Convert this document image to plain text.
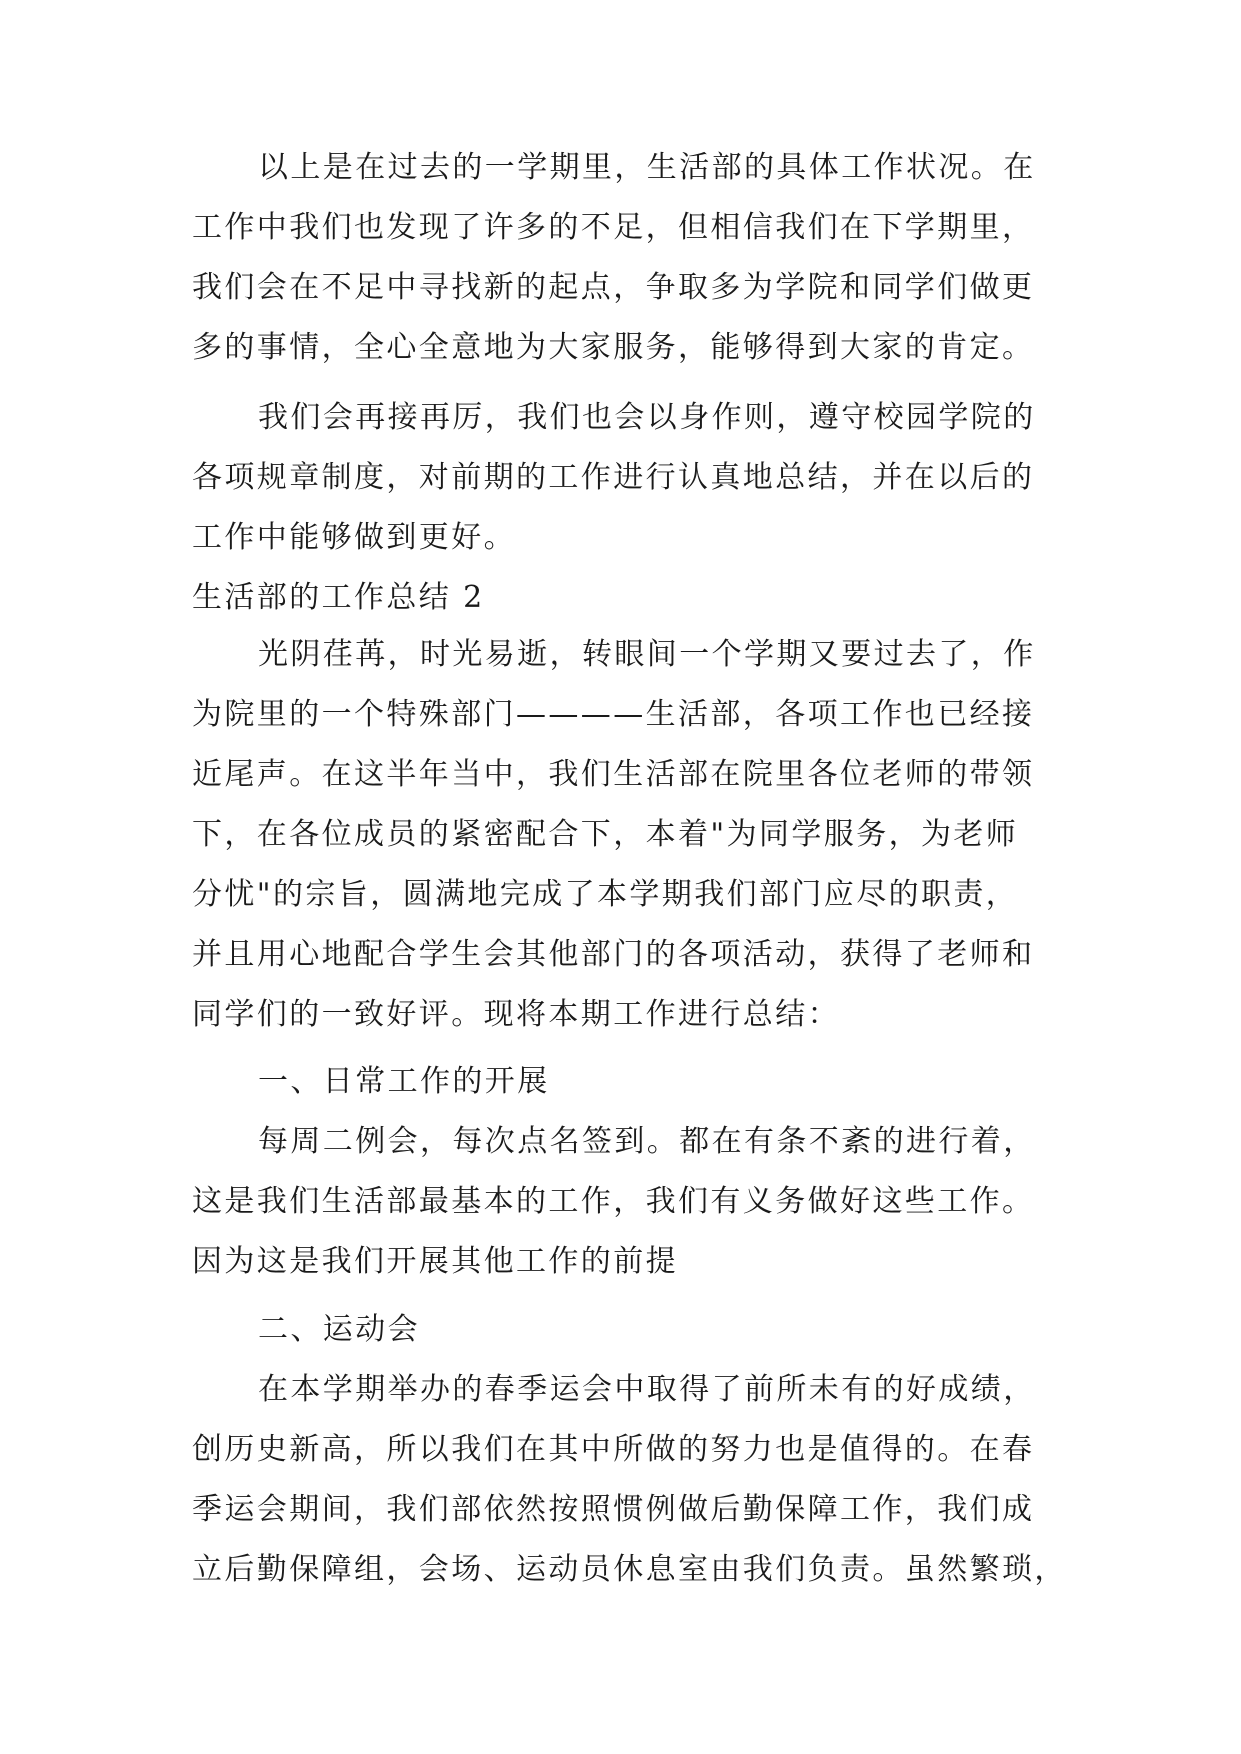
以上是在过去的一学期里，生活部的具体工作状况。在
工作中我们也发现了许多的不足，但相信我们在下学期里，
我们会在不足中寻找新的起点，争取多为学院和同学们做更
多的事情，全心全意地为大家服务，能够得到大家的肯定。
我们会再接再厉，我们也会以身作则，遵守校园学院的
各项规章制度，对前期的工作进行认真地总结，并在以后的
工作中能够做到更好。
生活部的工作总结 2
光阴荏苒，时光易逝，转眼间一个学期又要过去了，作
为院里的一个特殊部门————生活部，各项工作也已经接
近尾声。在这半年当中，我们生活部在院里各位老师的带领
下，在各位成员的紧密配合下，本着"为同学服务，为老师
分忧"的宗旨，圆满地完成了本学期我们部门应尽的职责，
并且用心地配合学生会其他部门的各项活动，获得了老师和
同学们的一致好评。现将本期工作进行总结：
一、日常工作的开展
每周二例会，每次点名签到。都在有条不紊的进行着，
这是我们生活部最基本的工作，我们有义务做好这些工作。
因为这是我们开展其他工作的前提
二、运动会
在本学期举办的春季运会中取得了前所未有的好成绩，
创历史新高，所以我们在其中所做的努力也是值得的。在春
季运会期间，我们部依然按照惯例做后勤保障工作，我们成
立后勤保障组，会场、运动员休息室由我们负责。虽然繁琐，
